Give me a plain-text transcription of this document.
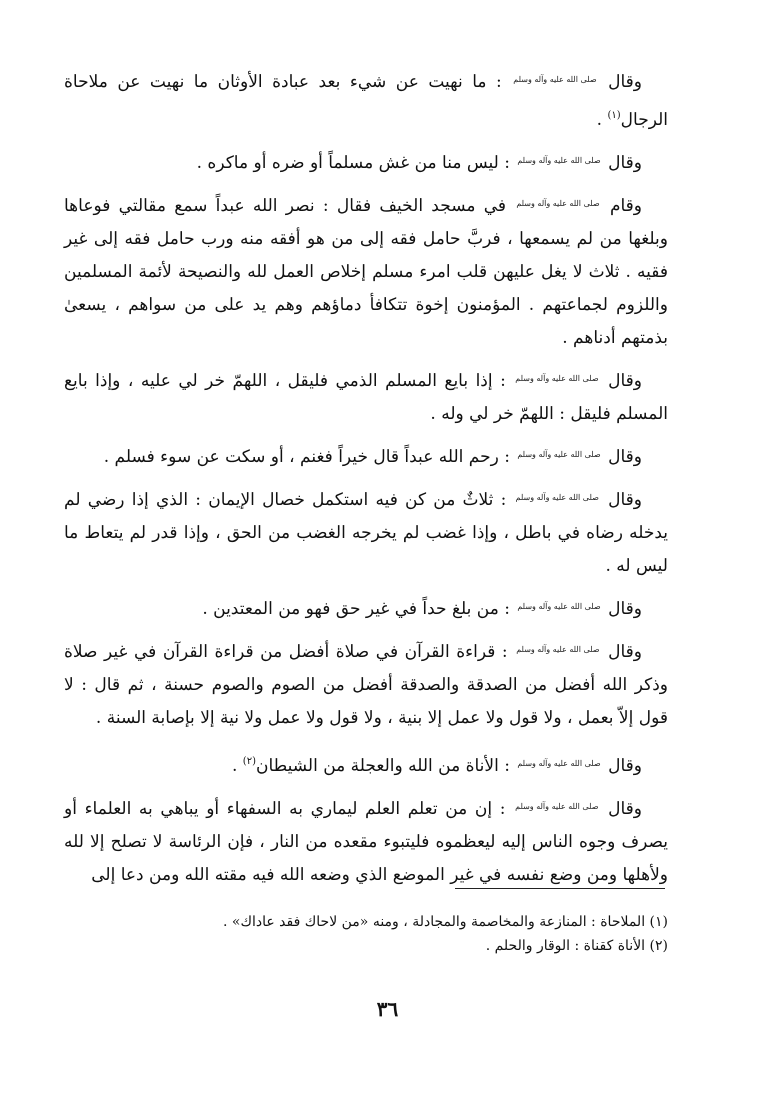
وقال صلى الله عليه وآله وسلم : ما نهيت عن شيء بعد عبادة الأوثان ما نهيت عن ملاحاة الرجال$^{(١)}$ .

وقال صلى الله عليه وآله وسلم : ليس منا من غش مسلماً أو ضره أو ماكره .

وقام صلى الله عليه وآله وسلم في مسجد الخيف فقال : نصر الله عبداً سمع مقالتي فوعاها وبلغها من لم يسمعها ، فربَّ حامل فقه إلى من هو أفقه منه ورب حامل فقه إلى غير فقيه . ثلاث لا يغل عليهن قلب امرء مسلم إخلاص العمل لله والنصيحة لأئمة المسلمين واللزوم لجماعتهم . المؤمنون إخوة تتكافأ دماؤهم وهم يد على من سواهم ، يسعىٰ بذمتهم أدناهم .

وقال صلى الله عليه وآله وسلم : إذا بايع المسلم الذمي فليقل ، اللهمّ خر لي عليه ، وإذا بايع المسلم فليقل : اللهمّ خر لي وله .

وقال صلى الله عليه وآله وسلم : رحم الله عبداً قال خيراً فغنم ، أو سكت عن سوء فسلم .

وقال صلى الله عليه وآله وسلم : ثلاثٌ من كن فيه استكمل خصال الإيمان : الذي إذا رضي لم يدخله رضاه في باطل ، وإذا غضب لم يخرجه الغضب من الحق ، وإذا قدر لم يتعاط ما ليس له .

وقال صلى الله عليه وآله وسلم : من بلغ حداً في غير حق فهو من المعتدين .

وقال صلى الله عليه وآله وسلم : قراءة القرآن في صلاة أفضل من قراءة القرآن في غير صلاة وذكر الله أفضل من الصدقة والصدقة أفضل من الصوم والصوم حسنة ، ثم قال : لا قول إلاّ بعمل ، ولا قول ولا عمل إلا بنية ، ولا قول ولا عمل ولا نية إلا بإصابة السنة .

وقال صلى الله عليه وآله وسلم : الأناة من الله والعجلة من الشيطان$^{(٢)}$ .

وقال صلى الله عليه وآله وسلم : إن من تعلم العلم ليماري به السفهاء أو يباهي به العلماء أو يصرف وجوه الناس إليه ليعظموه فليتبوء مقعده من النار ، فإن الرئاسة لا تصلح إلا لله ولأهلها ومن وضع نفسه في غير الموضع الذي وضعه الله فيه مقته الله ومن دعا إلى

(١) الملاحاة : المنازعة والمخاصمة والمجادلة ، ومنه «من لاحاك فقد عاداك» .

(٢) الأناة كقناة : الوقار والحلم .

٣٦
